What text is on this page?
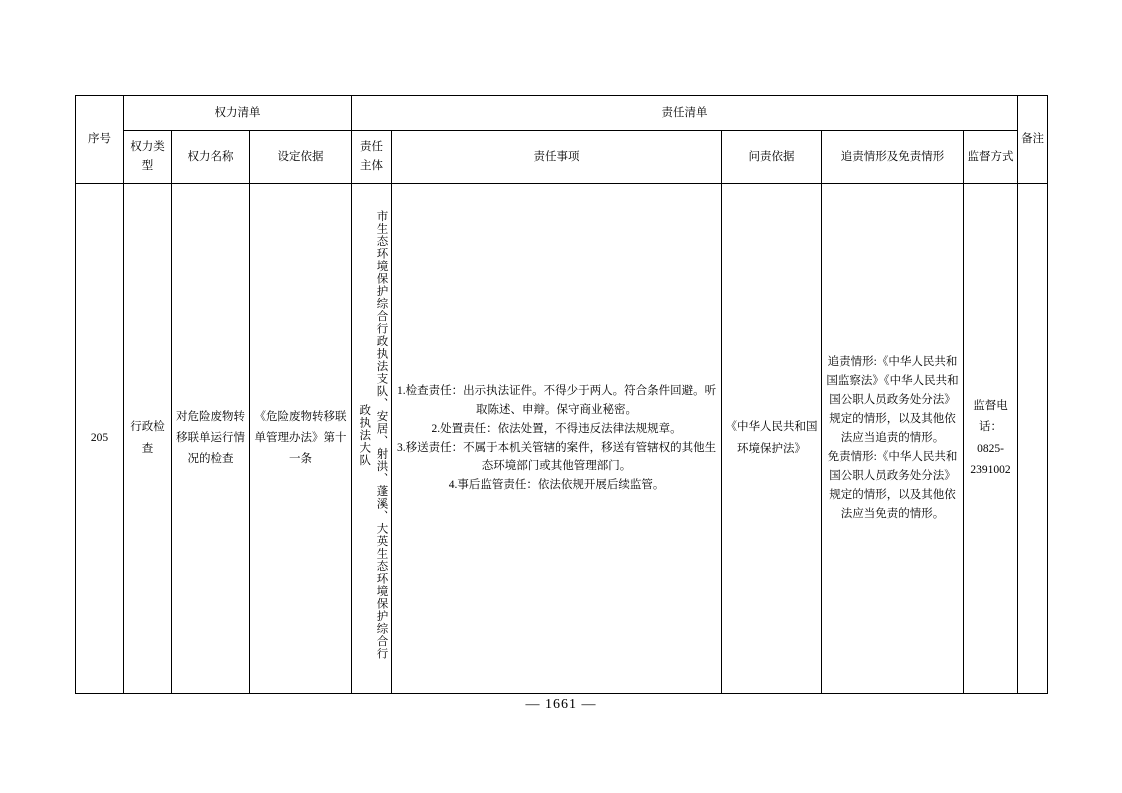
序号	权力清单			责任清单					备注

	权力类型	权力名称	设定依据	责任主体	责任事项	问责依据	追责情形及免责情形	监督方式	
205	行政检查	对危险废物转移联单运行情况的检查	《危险废物转移联单管理办法》第十一条	市生态环境保护综合行政执法支队、安居、射洪、蓬溪、大英生态环境保护综合行政执法大队	1.检查责任：出示执法证件。不得少于两人。符合条件回避。听取陈述、申辩。保守商业秘密。
2.处置责任：依法处置，不得违反法律法规规章。
3.移送责任：不属于本机关管辖的案件，移送有管辖权的其他生态环境部门或其他管理部门。
4.事后监管责任：依法依规开展后续监管。	《中华人民共和国环境保护法》	追责情形:《中华人民共和国监察法》《中华人民共和国公职人员政务处分法》规定的情形，以及其他依法应当追责的情形。
免责情形:《中华人民共和国公职人员政务处分法》规定的情形，以及其他依法应当免责的情形。	监督电话：0825-2391002	

— 1661 —
